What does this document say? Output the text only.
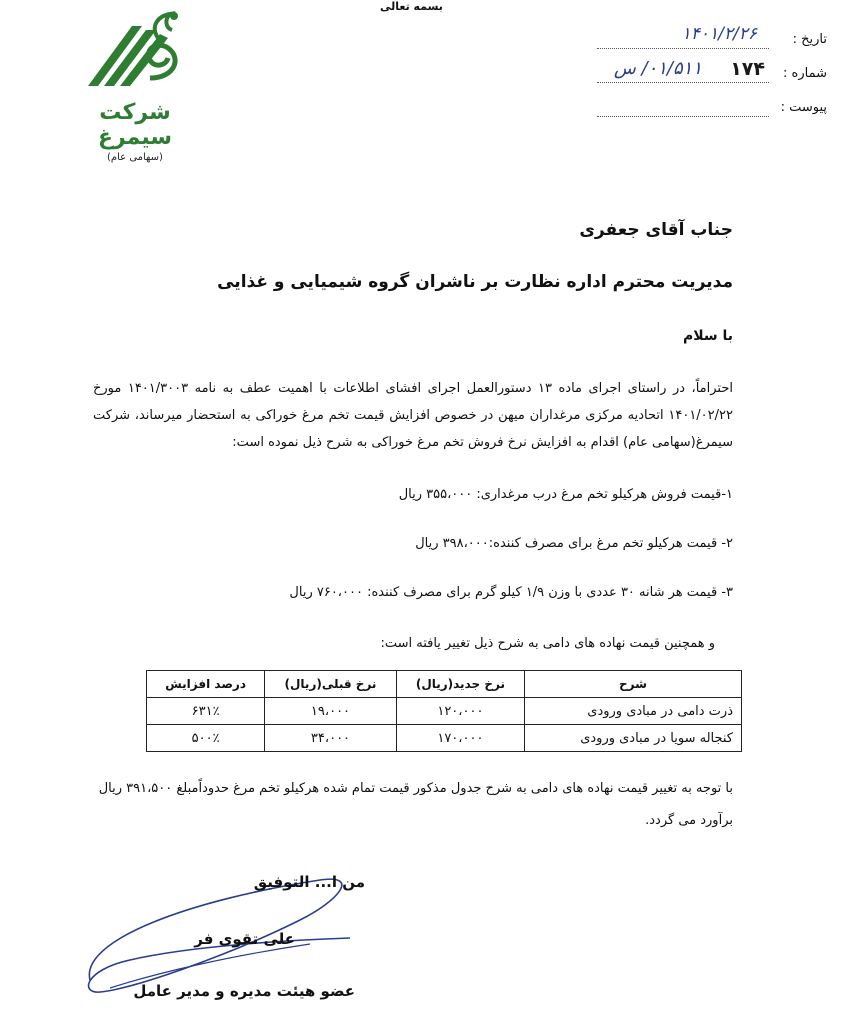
بسمه تعالی
شرکت سیمرغ
(سهامی عام)
تاریخ :
۱۴۰۱/۲/۲۶
شماره :
۱۷۴
۰۱/۵۱۱/ س
پیوست :
جناب آقای جعفری
مدیریت محترم اداره نظارت بر ناشران گروه شیمیایی و غذایی
با سلام
احتراماً، در راستای اجرای ماده ۱۳ دستورالعمل اجرای افشای اطلاعات با اهمیت عطف به نامه ۱۴۰۱/۳۰۰۳ مورخ ۱۴۰۱/۰۲/۲۲ اتحادیه مرکزی مرغداران میهن در خصوص افزایش قیمت تخم مرغ خوراکی به استحضار میرساند، شرکت سیمرغ(سهامی عام) اقدام به افزایش نرخ فروش تخم مرغ خوراکی به شرح ذیل نموده است:
۱-قیمت فروش هرکیلو تخم مرغ درب مرغداری: ۳۵۵،۰۰۰ ریال
۲- قیمت هرکیلو تخم مرغ برای مصرف کننده:۳۹۸،۰۰۰ ریال
۳- قیمت هر شانه ۳۰ عددی با وزن ۱/۹ کیلو گرم برای مصرف کننده: ۷۶۰،۰۰۰ ریال
و همچنین قیمت نهاده های دامی به شرح ذیل تغییر یافته است:
شرح	نرخ جدید(ریال)	نرخ قبلی(ریال)	درصد افزایش
ذرت دامی در مبادی ورودی	۱۲۰،۰۰۰	۱۹،۰۰۰	۶۳۱٪
کنجاله سویا در مبادی ورودی	۱۷۰،۰۰۰	۳۴،۰۰۰	۵۰۰٪
با توجه به تغییر قیمت نهاده های دامی به شرح جدول مذکور قیمت تمام شده هرکیلو تخم مرغ حدوداًمبلغ ۳۹۱،۵۰۰ ریال برآورد می گردد.
من ا... التوفیق
علی تقوی فر
عضو هیئت مدیره و مدیر عامل
